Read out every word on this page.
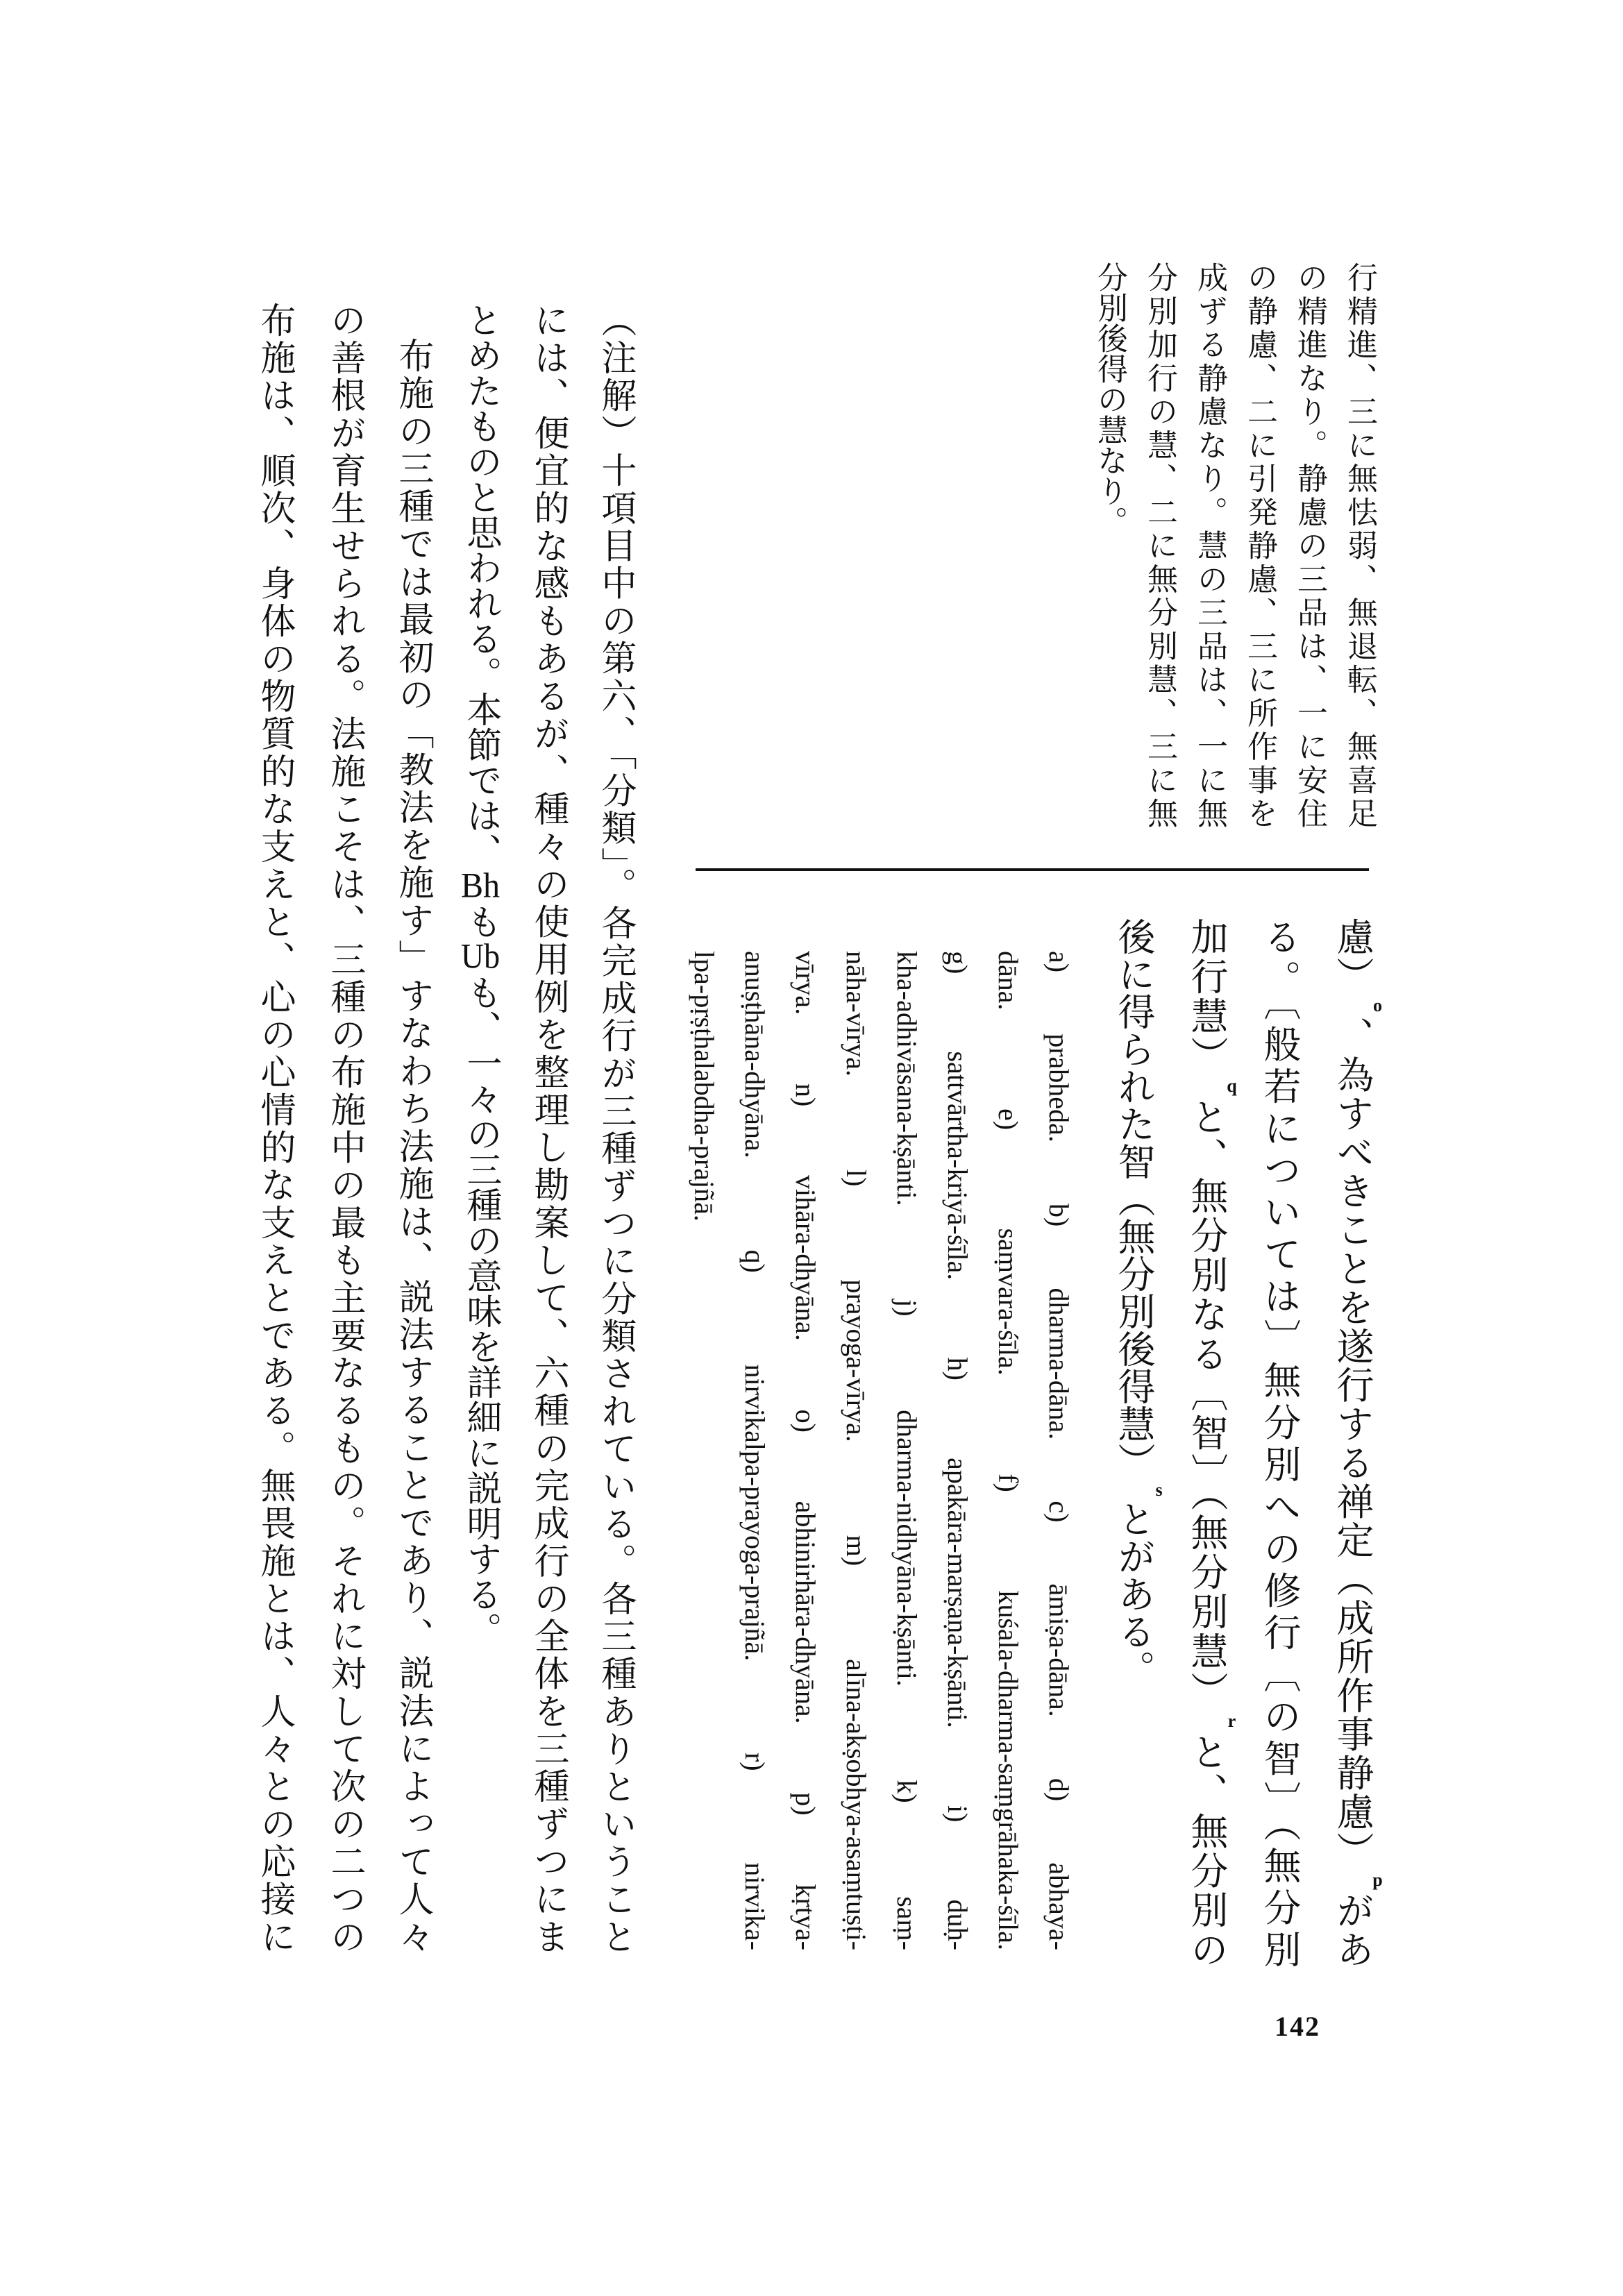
行精進、三に無怯弱、無退転、無喜足
の精進なり。静慮の三品は、一に安住
の静慮、二に引発静慮、三に所作事を
成ずる静慮なり。慧の三品は、一に無
分別加行の慧、二に無分別慧、三に無
分別後得の慧なり。
慮）o、為すべきことを遂行する禅定（成所作事静慮）pがあ
る。〔般若については〕無分別への修行〔の智〕（無分別
加行慧）qと、無分別なる〔智〕（無分別慧）rと、無分別の
後に得られた智（無分別後得慧）sとがある。
a) prabheda. b) dharma-dāna. c) āmiṣa-dāna. d) abhaya-
dāna. e) saṃvara-śīla. f) kuśala-dharma-saṃgrāhaka-śīla.
g) sattvārtha-kriyā-śīla. h) apakāra-marṣaṇa-kṣānti. i) duḥ-
kha-adhivāsana-kṣānti. j) dharma-nidhyāna-kṣānti. k) saṃ-
nāha-vīrya. l) prayoga-vīrya. m) alīna-akṣobhya-asaṃtuṣṭi-
vīrya. n) vihāra-dhyāna. o) abhinirhāra-dhyāna. p) kṛtya-
anuṣṭhāna-dhyāna. q) nirvikalpa-prayoga-prajñā. r) nirvika-
lpa-pṛṣṭhalabdha-prajñā.
（注解）十項目中の第六、「分類」。各完成行が三種ずつに分類されている。各三種ありということ
には、便宜的な感もあるが、種々の使用例を整理し勘案して、六種の完成行の全体を三種ずつにま
とめたものと思われる。本節では、BhもUbも、一々の三種の意味を詳細に説明する。
布施の三種では最初の「教法を施す」すなわち法施は、説法することであり、説法によって人々
の善根が育生せられる。法施こそは、三種の布施中の最も主要なるもの。それに対して次の二つの
布施は、順次、身体の物質的な支えと、心の心情的な支えとである。無畏施とは、人々との応接に
142
